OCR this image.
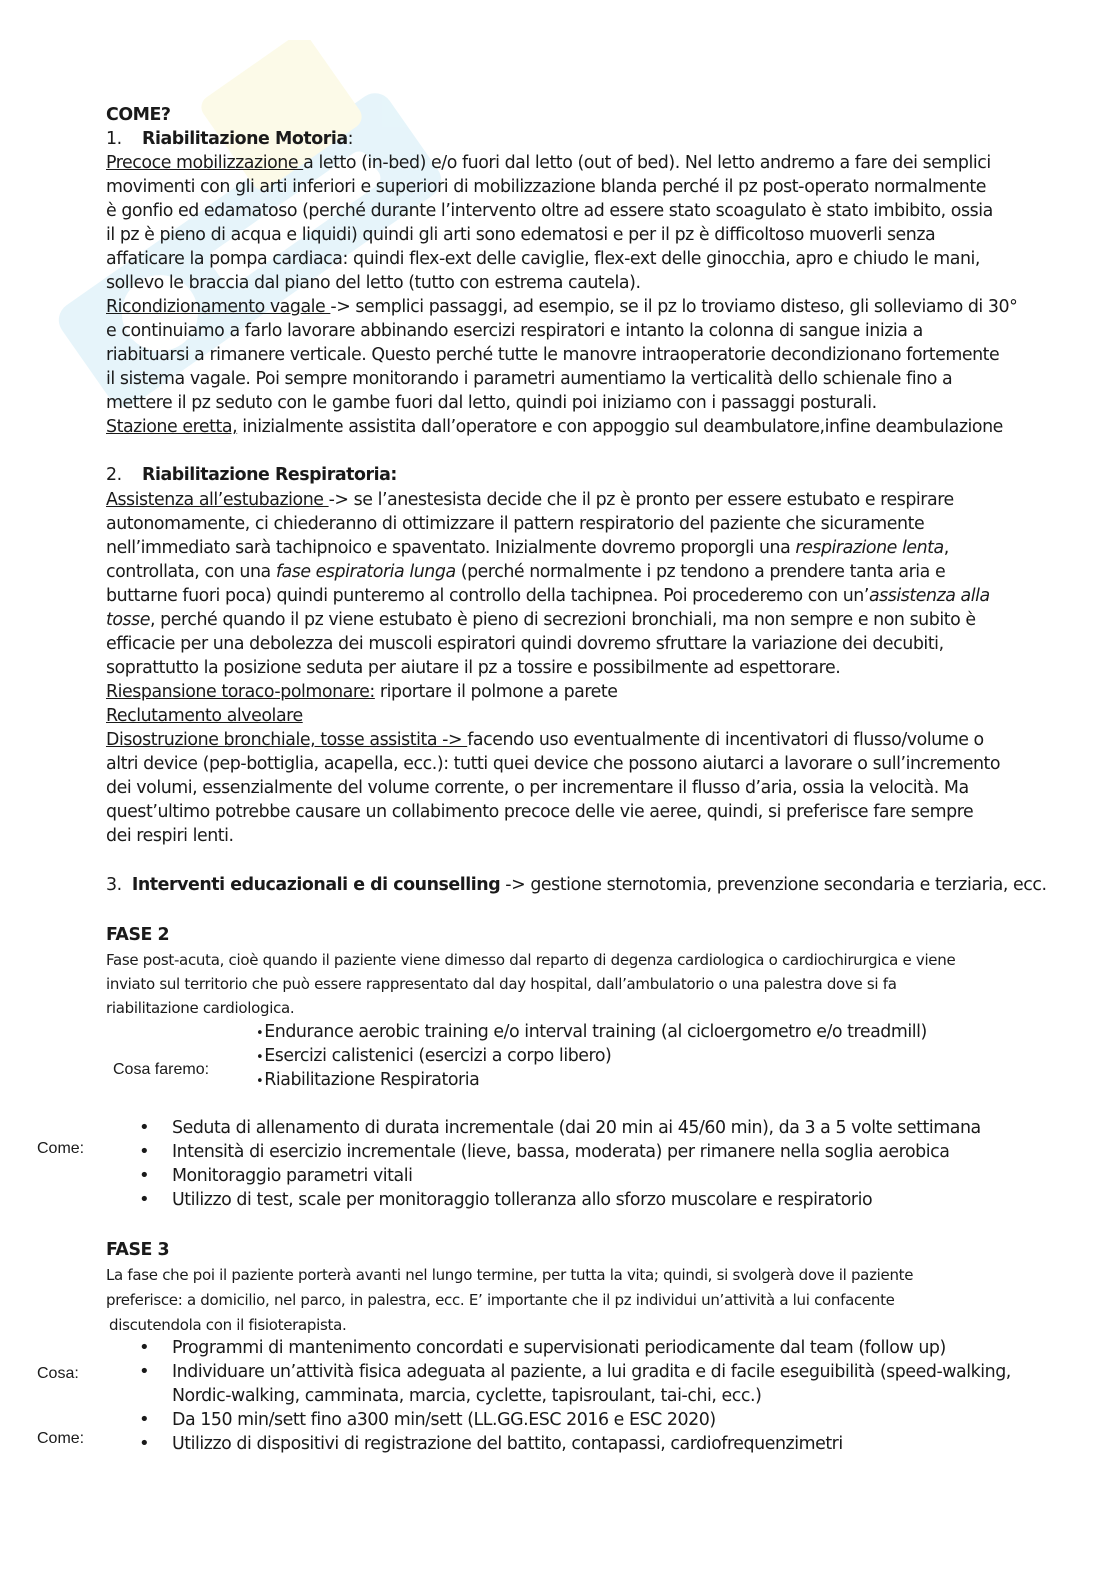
COME?
1. Riabilitazione Motoria:
Precoce mobilizzazione a letto (in-bed) e/o fuori dal letto (out of bed). Nel letto andremo a fare dei semplici
movimenti con gli arti inferiori e superiori di mobilizzazione blanda perché il pz post-operato normalmente
è gonfio ed edamatoso (perché durante l’intervento oltre ad essere stato scoagulato è stato imbibito, ossia
il pz è pieno di acqua e liquidi) quindi gli arti sono edematosi e per il pz è difficoltoso muoverli senza
affaticare la pompa cardiaca: quindi flex-ext delle caviglie, flex-ext delle ginocchia, apro e chiudo le mani,
sollevo le braccia dal piano del letto (tutto con estrema cautela).
Ricondizionamento vagale -> semplici passaggi, ad esempio, se il pz lo troviamo disteso, gli solleviamo di 30°
e continuiamo a farlo lavorare abbinando esercizi respiratori e intanto la colonna di sangue inizia a
riabituarsi a rimanere verticale. Questo perché tutte le manovre intraoperatorie decondizionano fortemente
il sistema vagale. Poi sempre monitorando i parametri aumentiamo la verticalità dello schienale fino a
mettere il pz seduto con le gambe fuori dal letto, quindi poi iniziamo con i passaggi posturali.
Stazione eretta, inizialmente assistita dall’operatore e con appoggio sul deambulatore,infine deambulazione
2. Riabilitazione Respiratoria:
Assistenza all’estubazione -> se l’anestesista decide che il pz è pronto per essere estubato e respirare
autonomamente, ci chiederanno di ottimizzare il pattern respiratorio del paziente che sicuramente
nell’immediato sarà tachipnoico e spaventato. Inizialmente dovremo proporgli una respirazione lenta,
controllata, con una fase espiratoria lunga (perché normalmente i pz tendono a prendere tanta aria e
buttarne fuori poca) quindi punteremo al controllo della tachipnea. Poi procederemo con un’assistenza alla
tosse, perché quando il pz viene estubato è pieno di secrezioni bronchiali, ma non sempre e non subito è
efficacie per una debolezza dei muscoli espiratori quindi dovremo sfruttare la variazione dei decubiti,
soprattutto la posizione seduta per aiutare il pz a tossire e possibilmente ad espettorare.
Riespansione toraco-polmonare: riportare il polmone a parete
Reclutamento alveolare
Disostruzione bronchiale, tosse assistita -> facendo uso eventualmente di incentivatori di flusso/volume o
altri device (pep-bottiglia, acapella, ecc.): tutti quei device che possono aiutarci a lavorare o sull’incremento
dei volumi, essenzialmente del volume corrente, o per incrementare il flusso d’aria, ossia la velocità. Ma
quest’ultimo potrebbe causare un collabimento precoce delle vie aeree, quindi, si preferisce fare sempre
dei respiri lenti.
3. Interventi educazionali e di counselling -> gestione sternotomia, prevenzione secondaria e terziaria, ecc.
FASE 2
Fase post-acuta, cioè quando il paziente viene dimesso dal reparto di degenza cardiologica o cardiochirurgica e viene
inviato sul territorio che può essere rappresentato dal day hospital, dall’ambulatorio o una palestra dove si fa
riabilitazione cardiologica.
Cosa faremo:
•Endurance aerobic training e/o interval training (al cicloergometro e/o treadmill)
•Esercizi calistenici (esercizi a corpo libero)
•Riabilitazione Respiratoria
Come:
• Seduta di allenamento di durata incrementale (dai 20 min ai 45/60 min), da 3 a 5 volte settimana
• Intensità di esercizio incrementale (lieve, bassa, moderata) per rimanere nella soglia aerobica
• Monitoraggio parametri vitali
• Utilizzo di test, scale per monitoraggio tolleranza allo sforzo muscolare e respiratorio
FASE 3
La fase che poi il paziente porterà avanti nel lungo termine, per tutta la vita; quindi, si svolgerà dove il paziente
preferisce: a domicilio, nel parco, in palestra, ecc. E’ importante che il pz individui un’attività a lui confacente
discutendola con il fisioterapista.
Cosa:
Come:
• Programmi di mantenimento concordati e supervisionati periodicamente dal team (follow up)
• Individuare un’attività fisica adeguata al paziente, a lui gradita e di facile eseguibilità (speed-walking,
Nordic-walking, camminata, marcia, cyclette, tapisroulant, tai-chi, ecc.)
• Da 150 min/sett fino a300 min/sett (LL.GG.ESC 2016 e ESC 2020)
• Utilizzo di dispositivi di registrazione del battito, contapassi, cardiofrequenzimetri
